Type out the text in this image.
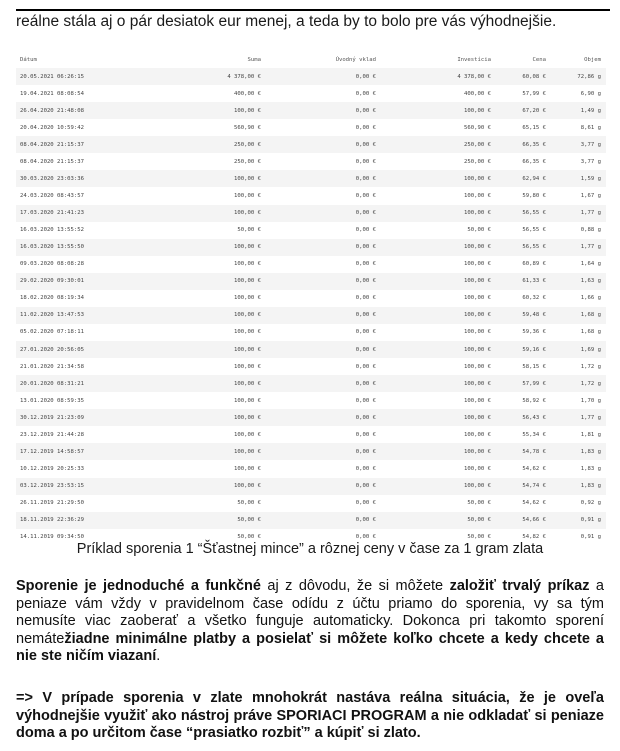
reálne stála aj o pár desiatok eur menej, a teda by to bolo pre vás výhodnejšie.
Dátum	Suma	Úvodný vklad	Investícia	Cena	Objem
20.05.2021 06:26:15	4 378,00 €	0,00 €	4 378,00 €	60,08 €	72,86 g
19.04.2021 08:08:54	400,00 €	0,00 €	400,00 €	57,99 €	6,90 g
26.04.2020 21:48:08	100,00 €	0,00 €	100,00 €	67,20 €	1,49 g
20.04.2020 10:59:42	560,90 €	0,00 €	560,90 €	65,15 €	8,61 g
08.04.2020 21:15:37	250,00 €	0,00 €	250,00 €	66,35 €	3,77 g
08.04.2020 21:15:37	250,00 €	0,00 €	250,00 €	66,35 €	3,77 g
30.03.2020 23:03:36	100,00 €	0,00 €	100,00 €	62,94 €	1,59 g
24.03.2020 08:43:57	100,00 €	0,00 €	100,00 €	59,80 €	1,67 g
17.03.2020 21:41:23	100,00 €	0,00 €	100,00 €	56,55 €	1,77 g
16.03.2020 13:55:52	50,00 €	0,00 €	50,00 €	56,55 €	0,88 g
16.03.2020 13:55:50	100,00 €	0,00 €	100,00 €	56,55 €	1,77 g
09.03.2020 08:08:28	100,00 €	0,00 €	100,00 €	60,89 €	1,64 g
29.02.2020 09:30:01	100,00 €	0,00 €	100,00 €	61,33 €	1,63 g
18.02.2020 08:19:34	100,00 €	0,00 €	100,00 €	60,32 €	1,66 g
11.02.2020 13:47:53	100,00 €	0,00 €	100,00 €	59,48 €	1,68 g
05.02.2020 07:18:11	100,00 €	0,00 €	100,00 €	59,36 €	1,68 g
27.01.2020 20:56:05	100,00 €	0,00 €	100,00 €	59,16 €	1,69 g
21.01.2020 21:34:58	100,00 €	0,00 €	100,00 €	58,15 €	1,72 g
20.01.2020 08:31:21	100,00 €	0,00 €	100,00 €	57,99 €	1,72 g
13.01.2020 08:59:35	100,00 €	0,00 €	100,00 €	58,92 €	1,70 g
30.12.2019 21:23:09	100,00 €	0,00 €	100,00 €	56,43 €	1,77 g
23.12.2019 21:44:28	100,00 €	0,00 €	100,00 €	55,34 €	1,81 g
17.12.2019 14:58:57	100,00 €	0,00 €	100,00 €	54,78 €	1,83 g
10.12.2019 20:25:33	100,00 €	0,00 €	100,00 €	54,62 €	1,83 g
03.12.2019 23:53:15	100,00 €	0,00 €	100,00 €	54,74 €	1,83 g
26.11.2019 21:29:50	50,00 €	0,00 €	50,00 €	54,62 €	0,92 g
18.11.2019 22:36:29	50,00 €	0,00 €	50,00 €	54,66 €	0,91 g
14.11.2019 09:34:50	50,00 €	0,00 €	50,00 €	54,82 €	0,91 g
Príklad sporenia 1 “Šťastnej mince” a rôznej ceny v čase za 1 gram zlata
Sporenie je jednoduché a funkčné aj z dôvodu, že si môžete založiť trvalý príkaz a peniaze vám vždy v pravidelnom čase odídu z účtu priamo do sporenia, vy sa tým nemusíte viac zaoberať a všetko funguje automaticky. Dokonca pri takomto sporení nemátežiadne minimálne platby a posielať si môžete koľko chcete a kedy chcete a nie ste ničím viazaní.
=> V prípade sporenia v zlate mnohokrát nastáva reálna situácia, že je oveľa výhodnejšie využiť ako nástroj práve SPORIACI PROGRAM a nie odkladať si peniaze doma a po určitom čase “prasiatko rozbiť” a kúpiť si zlato.
